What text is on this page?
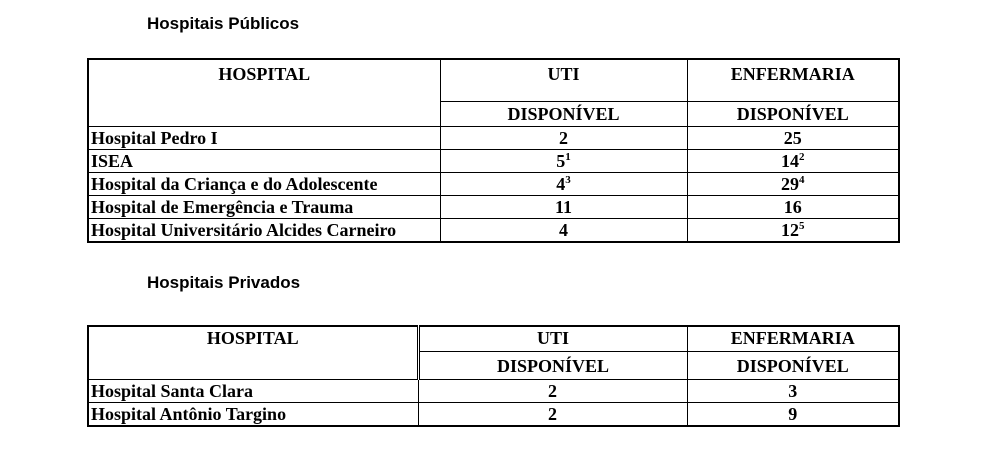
Hospitais Públicos
HOSPITAL	UTI	ENFERMARIA
	DISPONÍVEL	DISPONÍVEL
Hospital Pedro I	2	25
ISEA	$5^1$	$14^2$
Hospital da Criança e do Adolescente	$4^3$	$29^4$
Hospital de Emergência e Trauma	11	16
Hospital Universitário Alcides Carneiro	4	$12^5$
Hospitais Privados
HOSPITAL	UTI	ENFERMARIA
	DISPONÍVEL	DISPONÍVEL
Hospital Santa Clara	2	3
Hospital Antônio Targino	2	9
